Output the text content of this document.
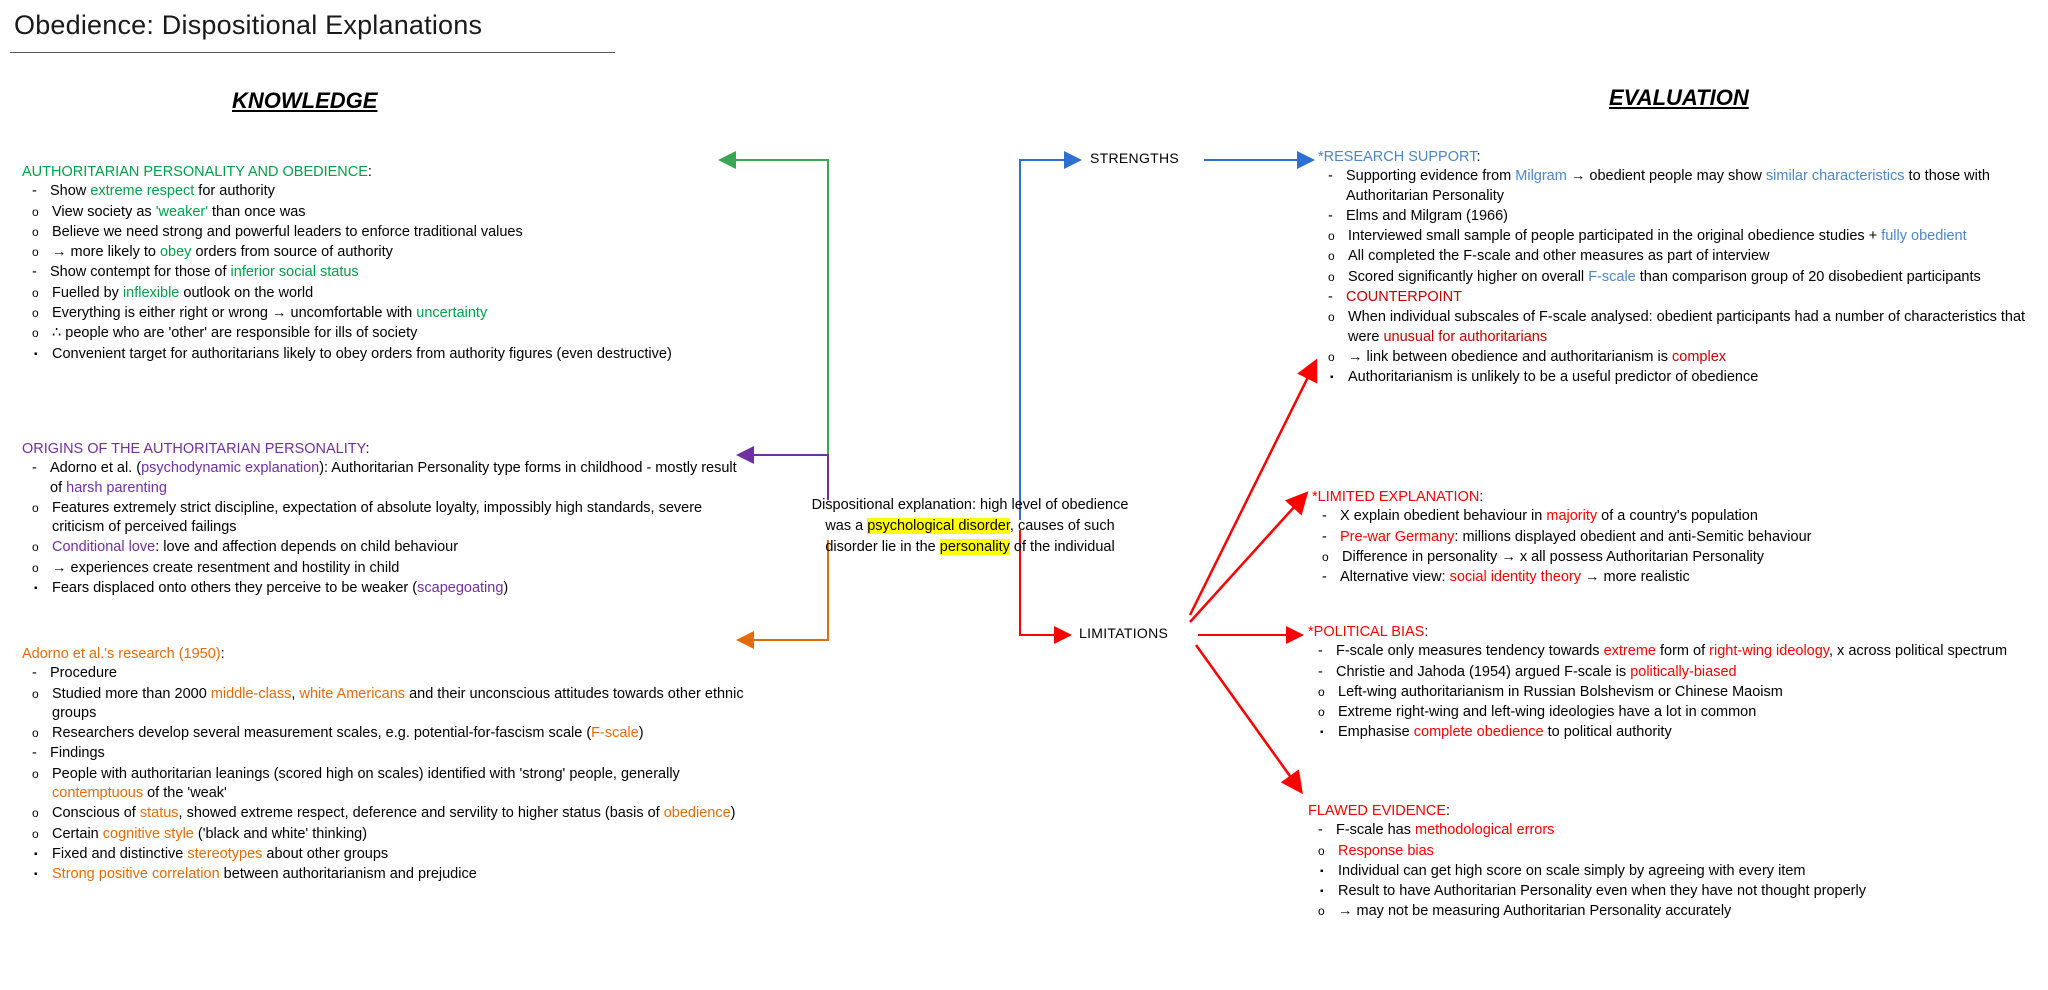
Obedience: Dispositional Explanations
KNOWLEDGE	EVALUATION
STRENGTHS
LIMITATIONS
Dispositional explanation: high level of obedience
was a psychological disorder, causes of such
disorder lie in the personality of the individual
AUTHORITARIAN PERSONALITY AND OBEDIENCE:
- Show extreme respect for authority
o View society as 'weaker' than once was
o Believe we need strong and powerful leaders to enforce traditional values
o → more likely to obey orders from source of authority
- Show contempt for those of inferior social status
o Fuelled by inflexible outlook on the world
o Everything is either right or wrong → uncomfortable with uncertainty
o ∴ people who are 'other' are responsible for ills of society
▪ Convenient target for authoritarians likely to obey orders from authority figures (even destructive)
ORIGINS OF THE AUTHORITARIAN PERSONALITY:
- Adorno et al. (psychodynamic explanation): Authoritarian Personality type forms in childhood - mostly result of harsh parenting
o Features extremely strict discipline, expectation of absolute loyalty, impossibly high standards, severe criticism of perceived failings
o Conditional love: love and affection depends on child behaviour
o → experiences create resentment and hostility in child
▪ Fears displaced onto others they perceive to be weaker (scapegoating)
Adorno et al.'s research (1950):
- Procedure
o Studied more than 2000 middle-class, white Americans and their unconscious attitudes towards other ethnic groups
o Researchers develop several measurement scales, e.g. potential-for-fascism scale (F-scale)
- Findings
o People with authoritarian leanings (scored high on scales) identified with 'strong' people, generally contemptuous of the 'weak'
o Conscious of status, showed extreme respect, deference and servility to higher status (basis of obedience)
o Certain cognitive style ('black and white' thinking)
▪ Fixed and distinctive stereotypes about other groups
▪ Strong positive correlation between authoritarianism and prejudice
*RESEARCH SUPPORT:
- Supporting evidence from Milgram → obedient people may show similar characteristics to those with Authoritarian Personality
- Elms and Milgram (1966)
o Interviewed small sample of people participated in the original obedience studies + fully obedient
o All completed the F-scale and other measures as part of interview
o Scored significantly higher on overall F-scale than comparison group of 20 disobedient participants
- COUNTERPOINT
o When individual subscales of F-scale analysed: obedient participants had a number of characteristics that were unusual for authoritarians
o → link between obedience and authoritarianism is complex
▪ Authoritarianism is unlikely to be a useful predictor of obedience
*LIMITED EXPLANATION:
- X explain obedient behaviour in majority of a country's population
- Pre-war Germany: millions displayed obedient and anti-Semitic behaviour
o Difference in personality → x all possess Authoritarian Personality
- Alternative view: social identity theory → more realistic
*POLITICAL BIAS:
- F-scale only measures tendency towards extreme form of right-wing ideology, x across political spectrum
- Christie and Jahoda (1954) argued F-scale is politically-biased
o Left-wing authoritarianism in Russian Bolshevism or Chinese Maoism
o Extreme right-wing and left-wing ideologies have a lot in common
▪ Emphasise complete obedience to political authority
FLAWED EVIDENCE:
- F-scale has methodological errors
o Response bias
▪ Individual can get high score on scale simply by agreeing with every item
▪ Result to have Authoritarian Personality even when they have not thought properly
o → may not be measuring Authoritarian Personality accurately
